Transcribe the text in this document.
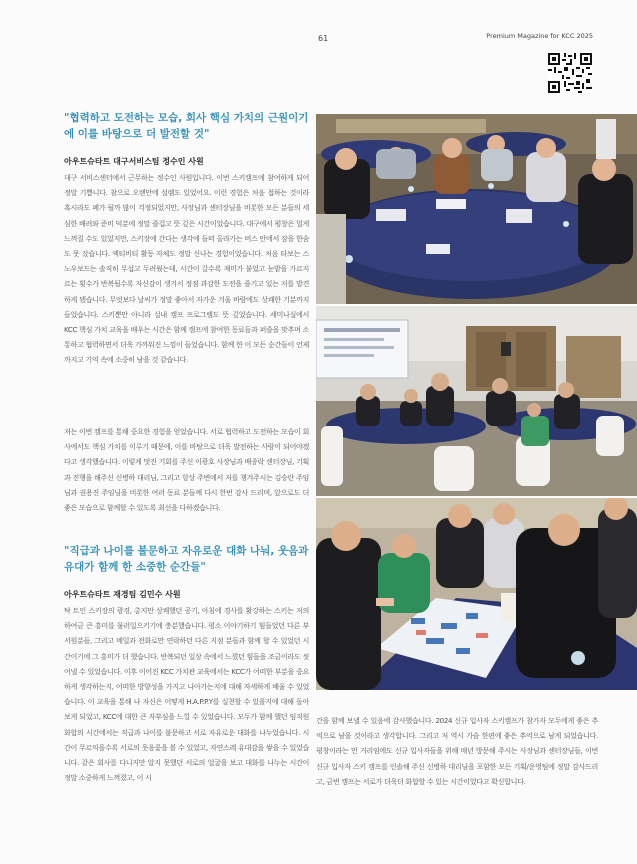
61	Premium Magazine for KCC 2025

"협력하고 도전하는 모습, 회사 핵심 가치의 근원이기

에 이를 바탕으로 더 발전할 것"

아우트슈타트 대구서비스팀 정수인 사원

대구 서비스센터에서 근무하는 정수인 사원입니다. 이번 스키캠프에 참여하게 되어 정말 기쁩니다. 참으로 오랜만에 설렘도 있었어요. 이런 경험은 처음 접하는 것이라 혹시라도 폐가 될까 많이 걱정되었지만, 사장님과 센터장님을 비롯한 모든 분들의 세심한 배려와 준비 덕분에 정말 즐겁고 뜻 깊은 시간이었습니다. 대구에서 평창은 멀게 느껴질 수도 있었지만, 스키장에 간다는 생각에 들떠 올라가는 버스 안에서 잠을 한숨도 못 잤습니다. 액티비티 활동 자체도 정말 신나는 경험이었습니다. 처음 타보는 스노우보드는 솔직히 무섭고 두려웠는데, 시간이 갈수록 재미가 붙었고 눈밭을 가르지르는 횟수가 반복될수록 자신감이 생겨서 정점 과감한 도전을 즐기고 있는 저를 발견하게 됐습니다. 무엇보다 날씨가 정말 좋아서 자가운 겨울 바람에도 상쾌한 기분까지 들었습니다. 스키뿐만 아니라 실내 캠프 프로그램도 뜻 깊었습니다. 세미나실에서 KCC 핵심 가치 교육을 배우는 시간은 함께 캠프에 참여한 동료들과 퍼즐을 맞추며 소통하고 협력하면서 더욱 가까워진 느낌이 들었습니다. 함께 한 이 모든 순간들이 언제까지고 기억 속에 소중히 남을 것 같습니다.

저는 이번 캠프를 통해 중요한 경험을 얻었습니다. 서로 협력하고 도전하는 모습이 회사에서도 핵심 가치를 이루기 때문에, 이를 바탕으로 더욱 발전하는 사람이 되어야겠다고 생각했습니다. 이렇게 멋진 기회를 주신 이광호 사장님과 배종락 센터장님, 기획과 진행을 해주신 신병하 대리님, 그리고 항상 주변에서 저를 챙겨주시는 김승란 주임님과 권용진 주임님을 비롯한 여러 동료 분들께 다시 한번 감사 드리며, 앞으로도 더 좋은 모습으로 함께할 수 있도록 최선을 다하겠습니다.

"직급과 나이를 불문하고 자유로운 대화 나눠, 웃음과

유대가 함께 한 소중한 순간들"

아우트슈타트 재경팀 김민수 사원

탁 트인 스키장의 광경, 총지만 상쾌했던 공기, 아침에 경사를 활강하는 스키는 저의 하여금 큰 흥미를 물러일으키기에 충분했습니다. 평소 이야기하기 힘들었던 다른 부서원분들, 그리고 메일과 전화로만 연락하던 다른 지점 분들과 함께 할 수 있었던 시간이기에 그 흥미가 더 했습니다. 반복되던 일상 속에서 느꼈던 힘들을 조금이라도 씻어낼 수 있었습니다. 이후 이어진 KCC 가치관 교육에서는 KCC가 어떠한 부분을 중요하게 생각하는지, 어떠한 방향성을 가지고 나아가는지에 대해 자세하게 배울 수 있었습니다. 이 교육을 통해 나 자신은 어떻게 H.A.P.P.Y를 실천할 수 있을지에 대해 돌아보게 되었고, KCC에 대한 큰 자부심을 느낄 수 있었습니다. 모두가 함께 했던 임직원 화합의 시간에서는 직급과 나이를 불문하고 서로 자유로운 대화를 나누었습니다. 시간이 무르익을수록 서로의 웃음꽃을 볼 수 있었고, 자연스레 유대감을 쌓을 수 있었습니다. 같은 회사를 다니지만 알지 못했던 서로의 얼굴을 보고 대화를 나누는 시간이 정말 소중하게 느껴졌고, 이 시

간을 함께 보낼 수 있음에 감사했습니다. 2024 신규 입사자 스키캠프가 참가자 모두에게 좋은 추억으로 남을 것이라고 생각합니다. 그리고 저 역시 가슴 한편에 좋은 추억으로 남게 되었습니다. 평창이라는 먼 거리임에도 신규 입사자들을 위해 매년 방문해 주시는 사장님과 센터장님들, 이번 신규 입사자 스키 캠프를 인솔해 주신 신병하 대리님을 포함한 모든 기획/운영팀에 정말 감사드리고, 금번 캠프는 서로가 더욱더 화합할 수 있는 시간이었다고 확신합니다.
